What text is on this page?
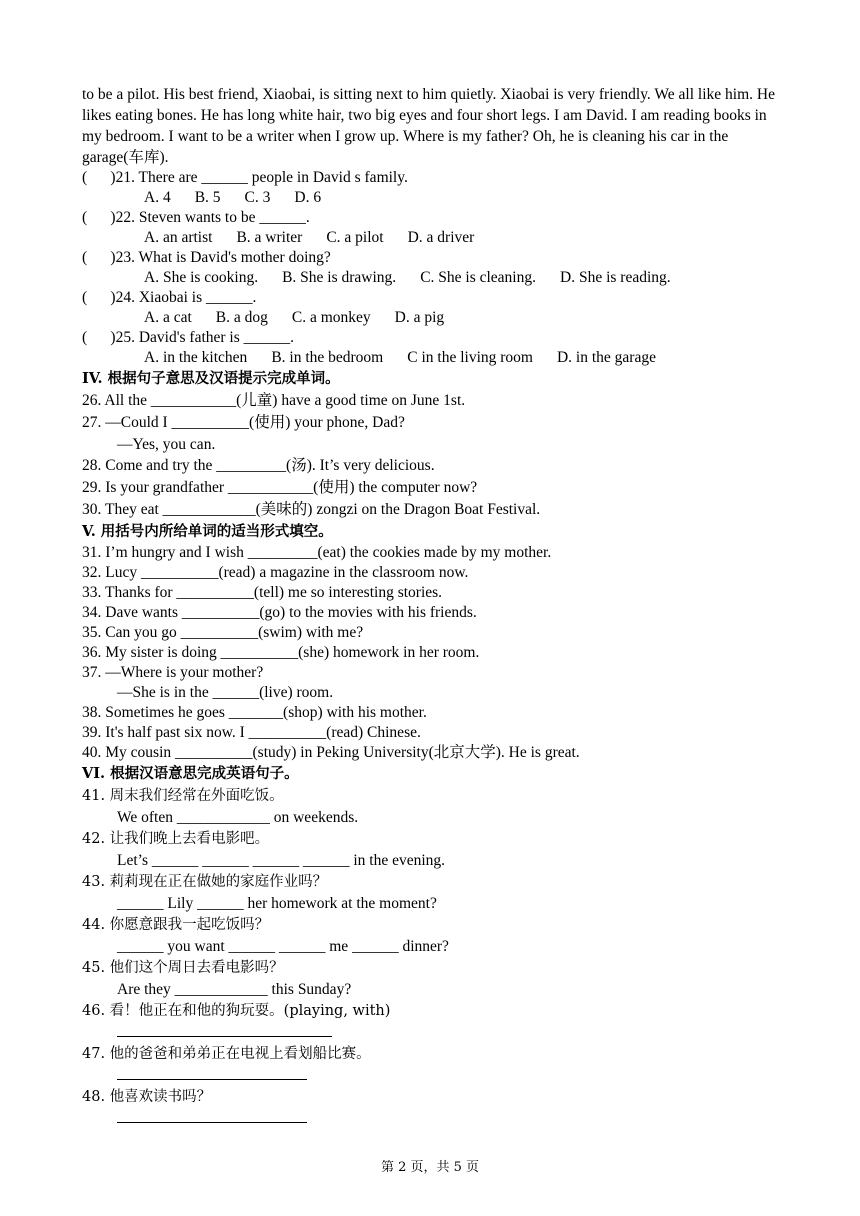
to be a pilot. His best friend, Xiaobai, is sitting next to him quietly. Xiaobai is very friendly. We all like him. He likes eating bones. He has long white hair, two big eyes and four short legs. I am David. I am reading books in my bedroom. I want to be a writer when I grow up. Where is my father? Oh, he is cleaning his car in the garage(车库).
(      )21. There are ______ people in David s family.
A. 4 B. 5 C. 3 D. 6
(      )22. Steven wants to be ______.
A. an artist B. a writer C. a pilot D. a driver
(      )23. What is David's mother doing?
A. She is cooking. B. She is drawing. C. She is cleaning. D. She is reading.
(      )24. Xiaobai is ______.
A. a cat B. a dog C. a monkey D. a pig
(      )25. David's father is ______.
A. in the kitchen B. in the bedroom C in the living room D. in the garage
IV. 根据句子意思及汉语提示完成单词。
26. All the ___________(儿童) have a good time on June 1st.
27. —Could I __________(使用) your phone, Dad?
—Yes, you can.
28. Come and try the _________(汤). It’s very delicious.
29. Is your grandfather ___________(使用) the computer now?
30. They eat ____________(美味的) zongzi on the Dragon Boat Festival.
V. 用括号内所给单词的适当形式填空。
31. I’m hungry and I wish _________(eat) the cookies made by my mother.
32. Lucy __________(read) a magazine in the classroom now.
33. Thanks for __________(tell) me so interesting stories.
34. Dave wants __________(go) to the movies with his friends.
35. Can you go __________(swim) with me?
36. My sister is doing __________(she) homework in her room.
37. —Where is your mother?
—She is in the ______(live) room.
38. Sometimes he goes _______(shop) with his mother.
39. It's half past six now. I __________(read) Chinese.
40. My cousin __________(study) in Peking University(北京大学). He is great.
VI. 根据汉语意思完成英语句子。
41. 周末我们经常在外面吃饭。
We often ____________ on weekends.
42. 让我们晚上去看电影吧。
Let’s ______ ______ ______ ______ in the evening.
43. 莉莉现在正在做她的家庭作业吗？
______ Lily ______ her homework at the moment?
44. 你愿意跟我一起吃饭吗？
______ you want ______ ______ me ______ dinner?
45. 他们这个周日去看电影吗？
Are they ____________ this Sunday?
46. 看！他正在和他的狗玩耍。(playing, with)
47. 他的爸爸和弟弟正在电视上看划船比赛。
48. 他喜欢读书吗？
第 2 页，共 5 页
